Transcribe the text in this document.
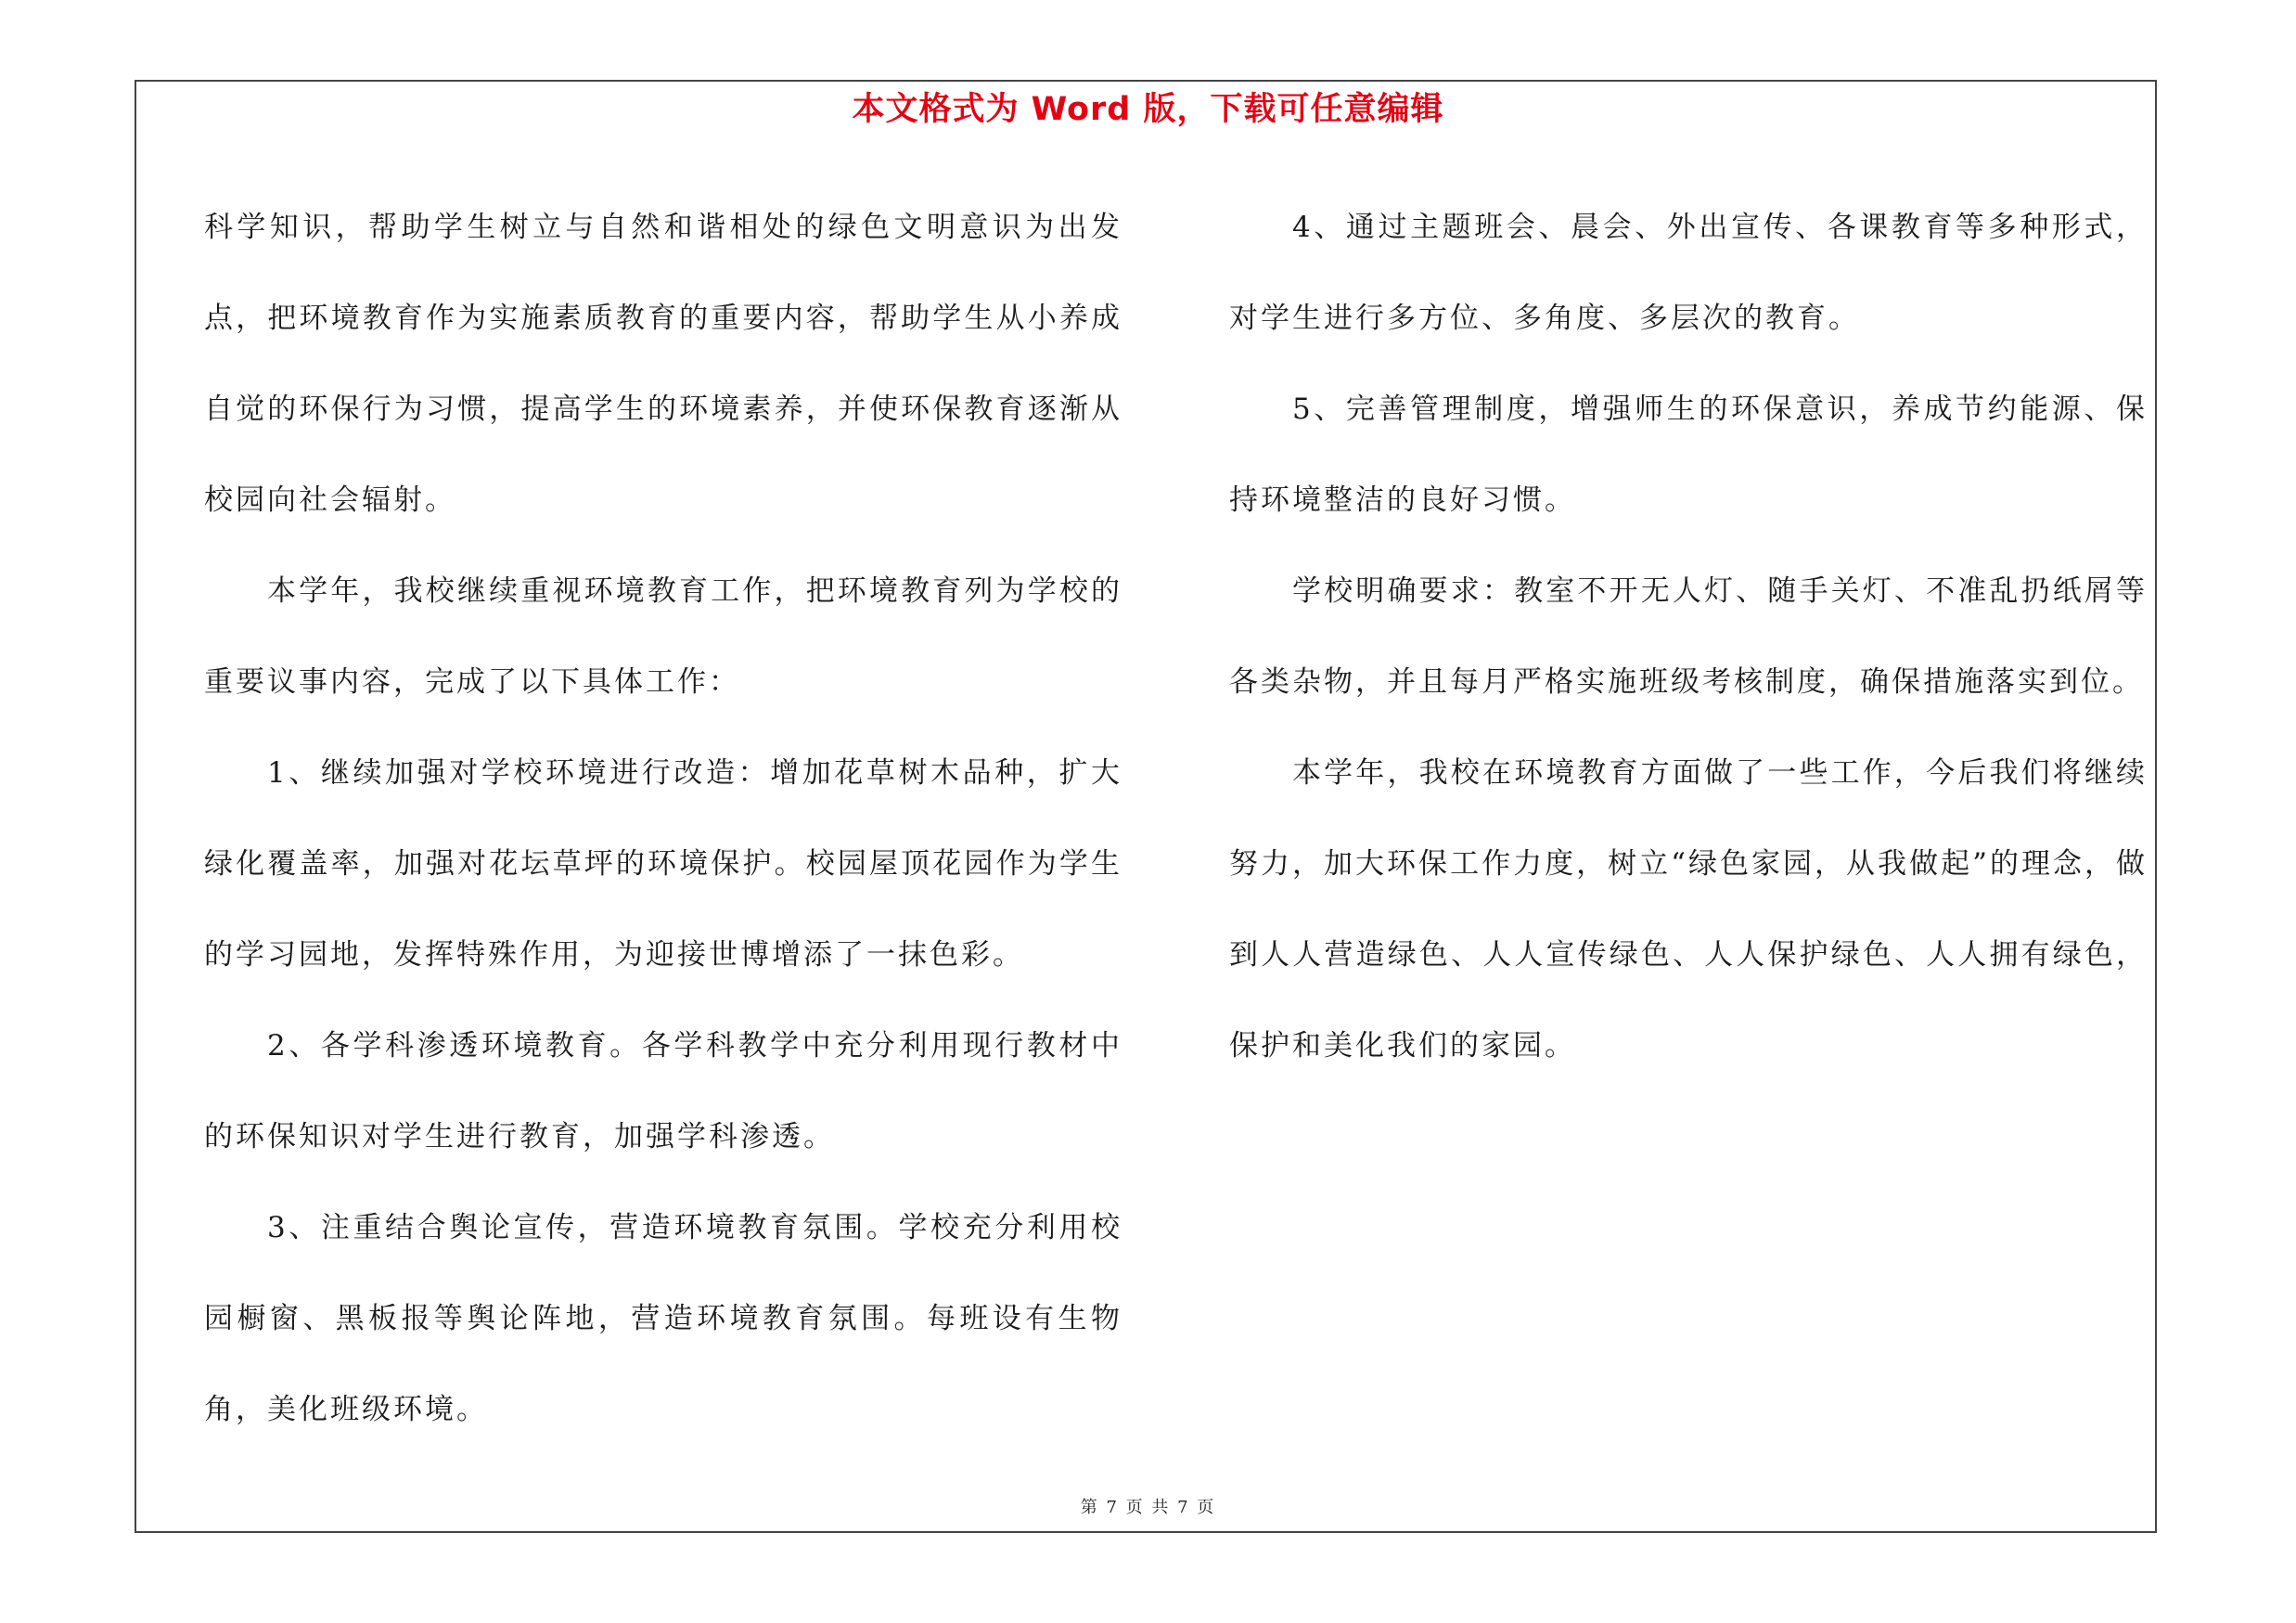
本文格式为 Word 版，下载可任意编辑

科学知识，帮助学生树立与自然和谐相处的绿色文明意识为出发点，把环境教育作为实施素质教育的重要内容，帮助学生从小养成自觉的环保行为习惯，提高学生的环境素养，并使环保教育逐渐从校园向社会辐射。

本学年，我校继续重视环境教育工作，把环境教育列为学校的重要议事内容，完成了以下具体工作：

1、继续加强对学校环境进行改造：增加花草树木品种，扩大绿化覆盖率，加强对花坛草坪的环境保护。校园屋顶花园作为学生的学习园地，发挥特殊作用，为迎接世博增添了一抹色彩。

2、各学科渗透环境教育。各学科教学中充分利用现行教材中的环保知识对学生进行教育，加强学科渗透。

3、注重结合舆论宣传，营造环境教育氛围。学校充分利用校园橱窗、黑板报等舆论阵地，营造环境教育氛围。每班设有生物角，美化班级环境。

4、通过主题班会、晨会、外出宣传、各课教育等多种形式，对学生进行多方位、多角度、多层次的教育。

5、完善管理制度，增强师生的环保意识，养成节约能源、保持环境整洁的良好习惯。

学校明确要求：教室不开无人灯、随手关灯、不准乱扔纸屑等各类杂物，并且每月严格实施班级考核制度，确保措施落实到位。

本学年，我校在环境教育方面做了一些工作，今后我们将继续努力，加大环保工作力度，树立“绿色家园，从我做起”的理念，做到人人营造绿色、人人宣传绿色、人人保护绿色、人人拥有绿色，保护和美化我们的家园。

第 7 页 共 7 页
